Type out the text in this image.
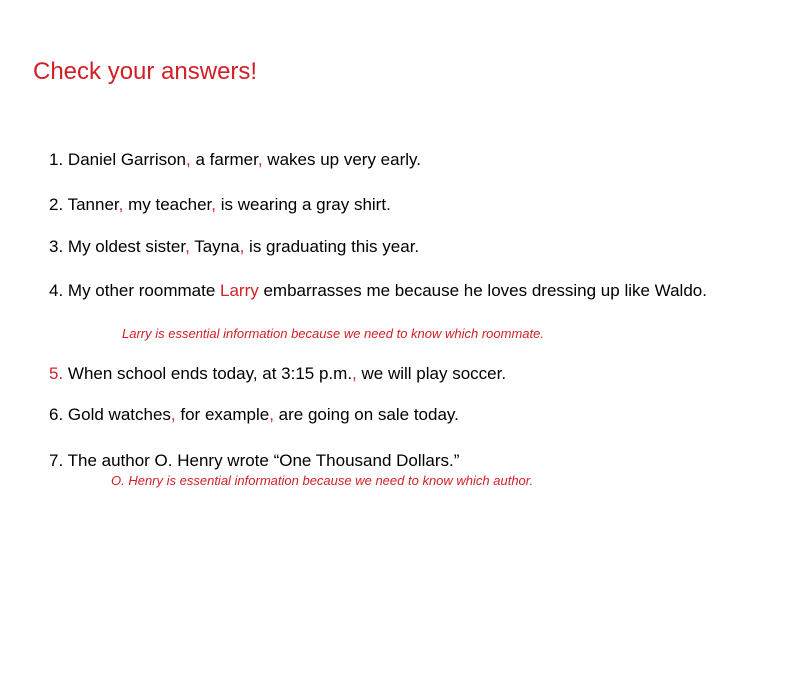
Check your answers!
1. Daniel Garrison, a farmer, wakes up very early.
2. Tanner, my teacher, is wearing a gray shirt.
3. My oldest sister, Tayna, is graduating this year.
4. My other roommate Larry embarrasses me because he loves dressing up like Waldo.
Larry is essential information because we need to know which roommate.
5. When school ends today, at 3:15 p.m., we will play soccer.
6. Gold watches, for example, are going on sale today.
7. The author O. Henry wrote “One Thousand Dollars.”
O. Henry is essential information because we need to know which author.
